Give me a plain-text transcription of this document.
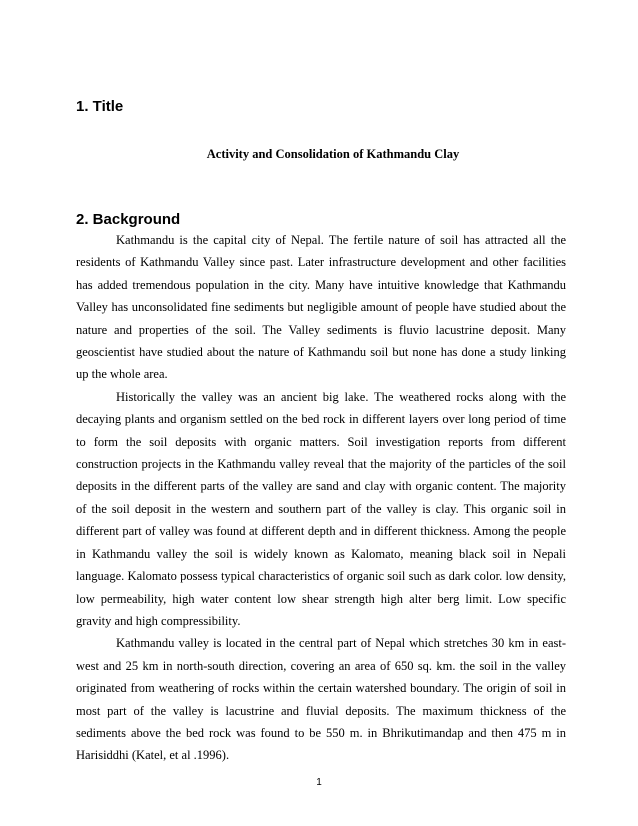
1. Title
Activity and Consolidation of Kathmandu Clay
2. Background

Kathmandu is the capital city of Nepal. The fertile nature of soil has attracted all the residents of Kathmandu Valley since past. Later infrastructure development and other facilities has added tremendous population in the city. Many have intuitive knowledge that Kathmandu Valley has unconsolidated fine sediments but negligible amount of people have studied about the nature and properties of the soil. The Valley sediments is fluvio lacustrine deposit. Many geoscientist have studied about the nature of Kathmandu soil but none has done a study linking up the whole area.

Historically the valley was an ancient big lake. The weathered rocks along with the decaying plants and organism settled on the bed rock in different layers over long period of time to form the soil deposits with organic matters. Soil investigation reports from different construction projects in the Kathmandu valley reveal that the majority of the particles of the soil deposits in the different parts of the valley are sand and clay with organic content. The majority of the soil deposit in the western and southern part of the valley is clay. This organic soil in different part of valley was found at different depth and in different thickness. Among the people in Kathmandu valley the soil is widely known as Kalomato, meaning black soil in Nepali language. Kalomato possess typical characteristics of organic soil such as dark color. low density, low permeability, high water content low shear strength high alter berg limit. Low specific gravity and high compressibility.

Kathmandu valley is located in the central part of Nepal which stretches 30 km in east-west and 25 km in north-south direction, covering an area of 650 sq. km. the soil in the valley originated from weathering of rocks within the certain watershed boundary. The origin of soil in most part of the valley is lacustrine and fluvial deposits. The maximum thickness of the sediments above the bed rock was found to be 550 m. in Bhrikutimandap and then 475 m in Harisiddhi (Katel, et al .1996).

1
